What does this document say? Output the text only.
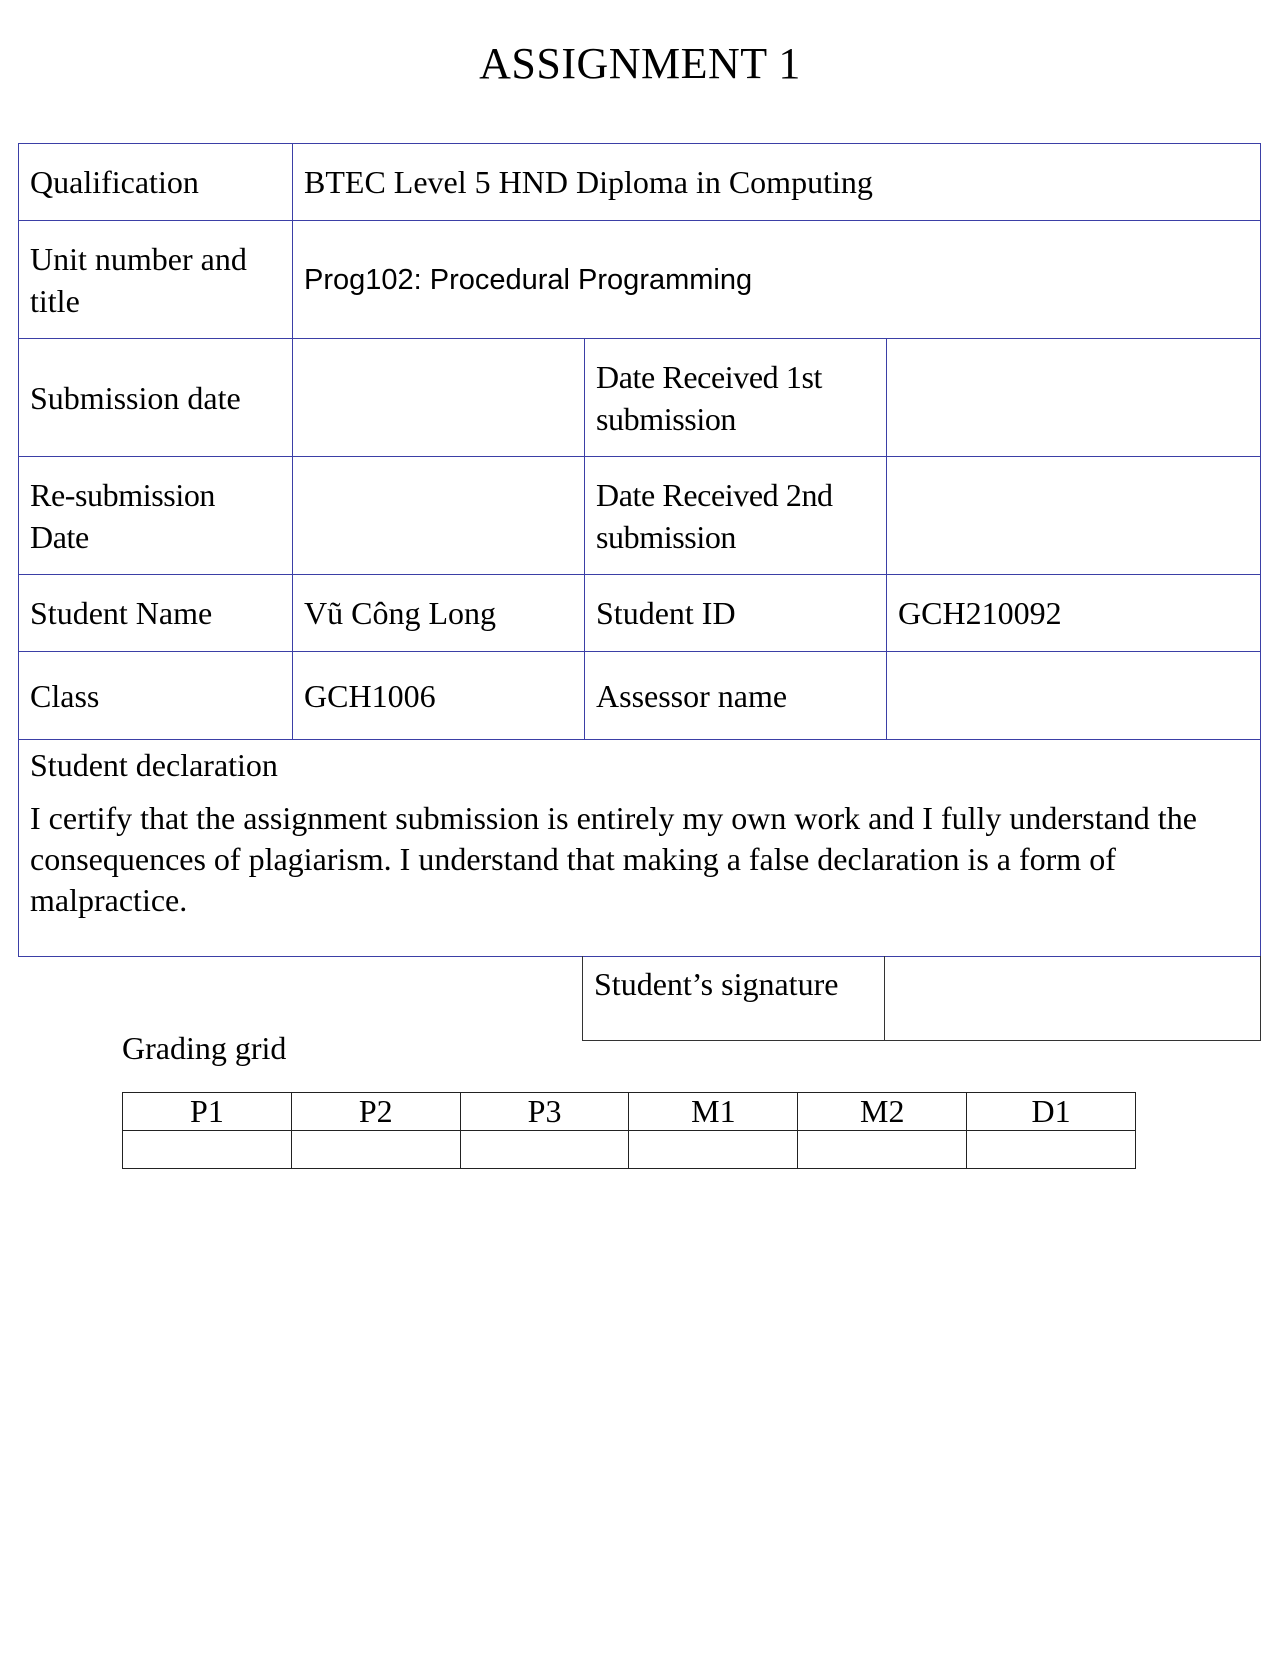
ASSIGNMENT 1
Qualification	BTEC Level 5 HND Diploma in Computing		
Unit number and title	Prog102: Procedural Programming		
Submission date		Date Received 1st submission	
Re-submission Date		Date Received 2nd submission	
Student Name	Vũ Công Long	Student ID	GCH210092
Class	GCH1006	Assessor name	

Student declaration
I certify that the assignment submission is entirely my own work and I fully understand the consequences of plagiarism. I understand that making a false declaration is a form of malpractice.			
Student’s signature	
Grading grid
P1	P2	P3	M1	M2	D1
